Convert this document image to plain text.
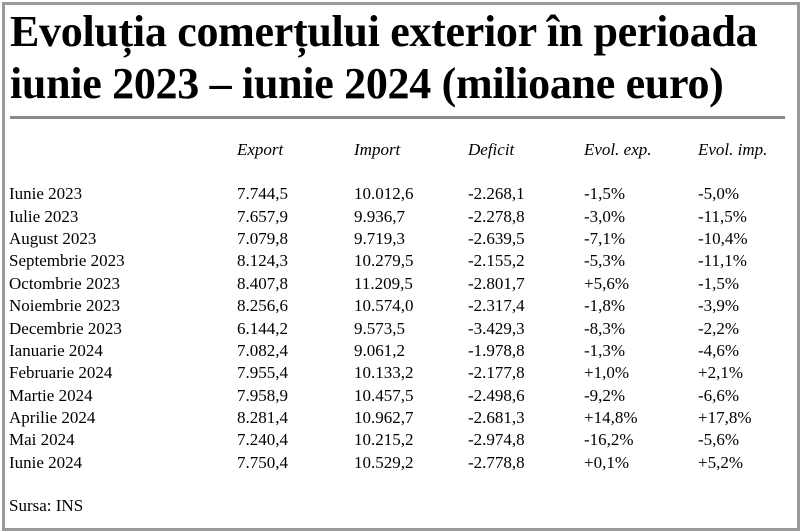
Evoluția comerțului exterior în perioada
iunie 2023 – iunie 2024 (milioane euro)
	Export	Import	Deficit	Evol. exp.	Evol. imp.

Iunie 2023	7.744,5	10.012,6	-2.268,1	-1,5%	-5,0%
Iulie 2023	7.657,9	9.936,7	-2.278,8	-3,0%	-11,5%
August 2023	7.079,8	9.719,3	-2.639,5	-7,1%	-10,4%
Septembrie 2023	8.124,3	10.279,5	-2.155,2	-5,3%	-11,1%
Octombrie 2023	8.407,8	11.209,5	-2.801,7	+5,6%	-1,5%
Noiembrie 2023	8.256,6	10.574,0	-2.317,4	-1,8%	-3,9%
Decembrie 2023	6.144,2	9.573,5	-3.429,3	-8,3%	-2,2%
Ianuarie 2024	7.082,4	9.061,2	-1.978,8	-1,3%	-4,6%
Februarie 2024	7.955,4	10.133,2	-2.177,8	+1,0%	+2,1%
Martie 2024	7.958,9	10.457,5	-2.498,6	-9,2%	-6,6%
Aprilie 2024	8.281,4	10.962,7	-2.681,3	+14,8%	+17,8%
Mai 2024	7.240,4	10.215,2	-2.974,8	-16,2%	-5,6%
Iunie 2024	7.750,4	10.529,2	-2.778,8	+0,1%	+5,2%
Sursa: INS
